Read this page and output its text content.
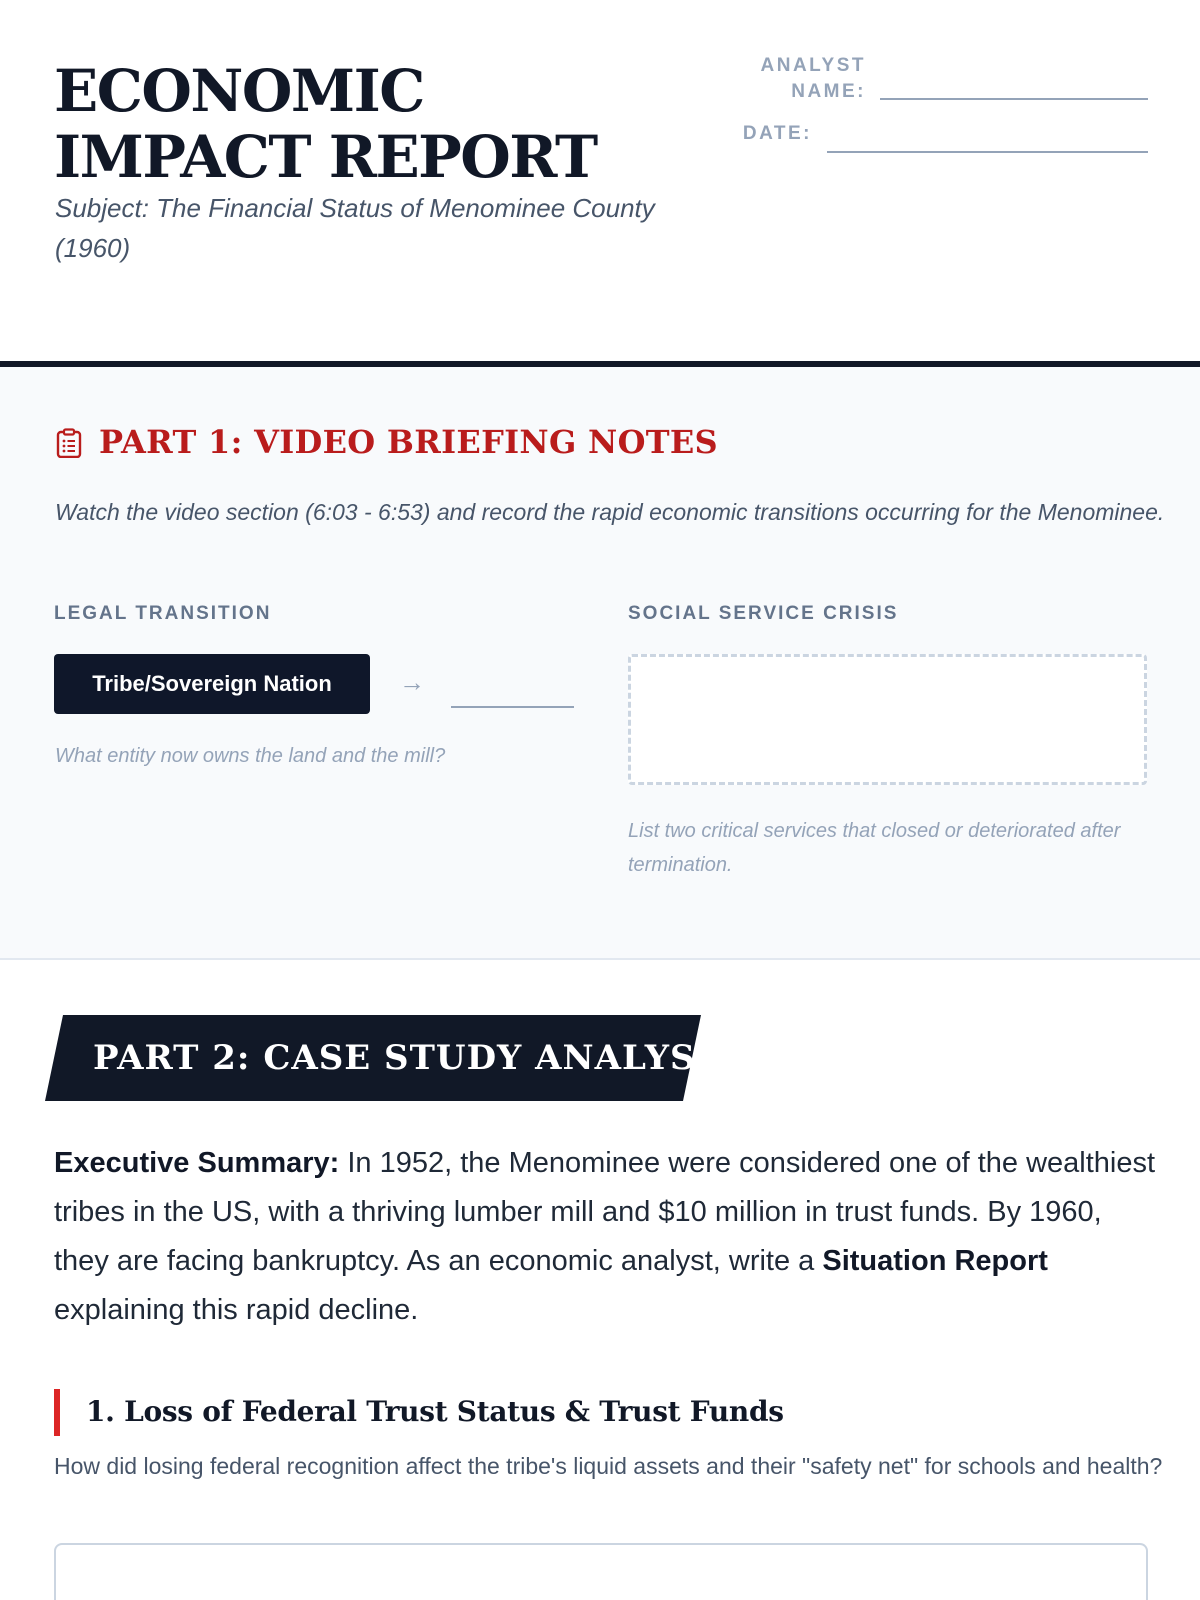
ECONOMIC IMPACT REPORT

Subject: The Financial Status of Menominee County (1960)

ANALYST NAME:
DATE:
PART 1: VIDEO BRIEFING NOTES

Watch the video section (6:03 - 6:53) and record the rapid economic transitions occurring for the Menominee.

LEGAL TRANSITION
Tribe/Sovereign Nation	→

What entity now owns the land and the mill?

SOCIAL SERVICE CRISIS

List two critical services that closed or deteriorated after termination.

PART 2: CASE STUDY ANALYSIS

Executive Summary: In 1952, the Menominee were considered one of the wealthiest tribes in the US, with a thriving lumber mill and $10 million in trust funds. By 1960, they are facing bankruptcy. As an economic analyst, write a Situation Report explaining this rapid decline.

1. Loss of Federal Trust Status & Trust Funds

How did losing federal recognition affect the tribe's liquid assets and their "safety net" for schools and health?
